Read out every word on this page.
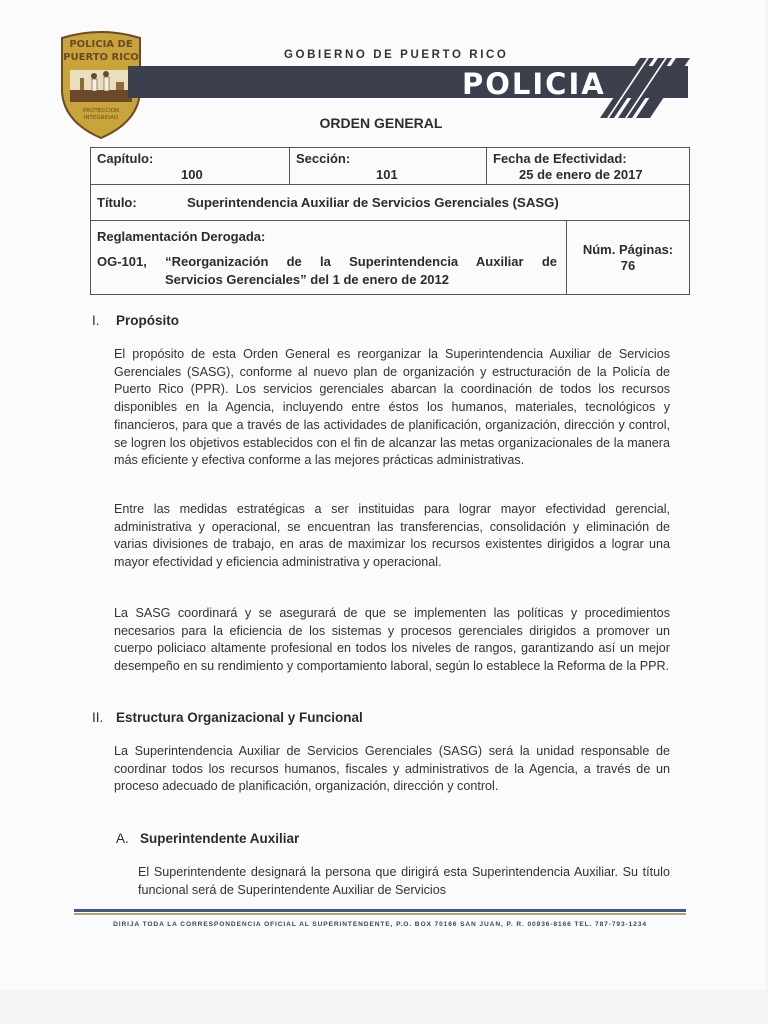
POLICIA DE
PUERTO RICO
PROTECCION
INTEGRIDAD
GOBIERNO DE PUERTO RICO
POLICIA
ORDEN GENERAL
Capítulo:
100
Sección:
101
Fecha de Efectividad:
25 de enero de 2017
Título:	Superintendencia Auxiliar de Servicios Gerenciales (SASG)
Reglamentación Derogada:
OG-101, “Reorganización de la Superintendencia Auxiliar de
Servicios Gerenciales” del 1 de enero de 2012
Núm. Páginas:
76
I. Propósito

El propósito de esta Orden General es reorganizar la Superintendencia Auxiliar de Servicios Gerenciales (SASG), conforme al nuevo plan de organización y estructuración de la Policía de Puerto Rico (PPR). Los servicios gerenciales abarcan la coordinación de todos los recursos disponibles en la Agencia, incluyendo entre éstos los humanos, materiales, tecnológicos y financieros, para que a través de las actividades de planificación, organización, dirección y control, se logren los objetivos establecidos con el fin de alcanzar las metas organizacionales de la manera más eficiente y efectiva conforme a las mejores prácticas administrativas.

Entre las medidas estratégicas a ser instituidas para lograr mayor efectividad gerencial, administrativa y operacional, se encuentran las transferencias, consolidación y eliminación de varias divisiones de trabajo, en aras de maximizar los recursos existentes dirigidos a lograr una mayor efectividad y eficiencia administrativa y operacional.

La SASG coordinará y se asegurará de que se implementen las políticas y procedimientos necesarios para la eficiencia de los sistemas y procesos gerenciales dirigidos a promover un cuerpo policiaco altamente profesional en todos los niveles de rangos, garantizando así un mejor desempeño en su rendimiento y comportamiento laboral, según lo establece la Reforma de la PPR.

II. Estructura Organizacional y Funcional

La Superintendencia Auxiliar de Servicios Gerenciales (SASG) será la unidad responsable de coordinar todos los recursos humanos, fiscales y administrativos de la Agencia, a través de un proceso adecuado de planificación, organización, dirección y control.

A. Superintendente Auxiliar

El Superintendente designará la persona que dirigirá esta Superintendencia Auxiliar. Su título funcional será de Superintendente Auxiliar de Servicios

DIRIJA TODA LA CORRESPONDENCIA OFICIAL AL SUPERINTENDENTE, P.O. BOX 70166 SAN JUAN, P. R. 00936-8166 TEL. 787-793-1234
